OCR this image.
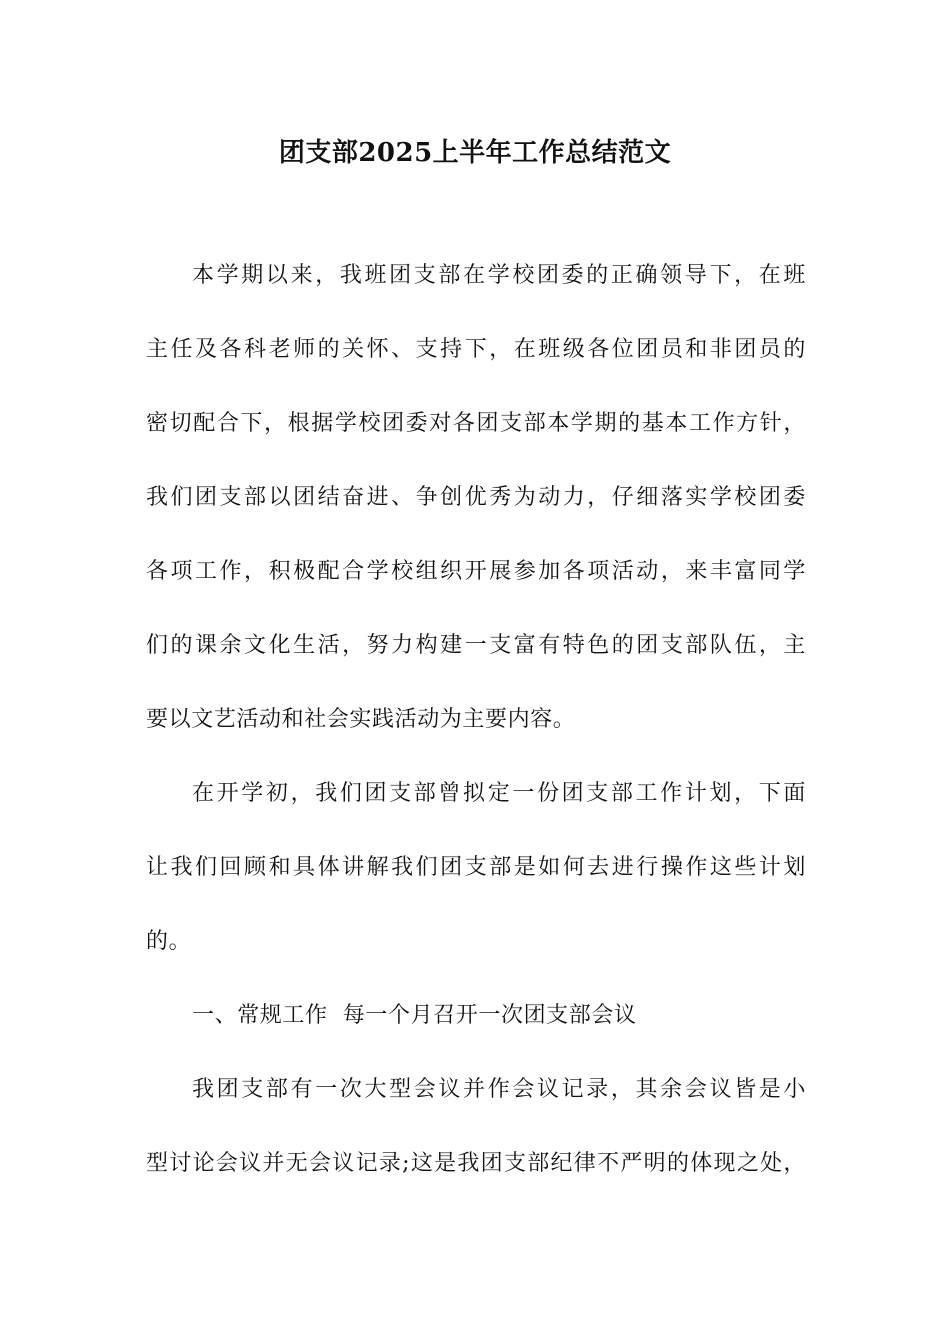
团支部2025上半年工作总结范文
本学期以来，我班团支部在学校团委的正确领导下，在班
主任及各科老师的关怀、支持下，在班级各位团员和非团员的
密切配合下，根据学校团委对各团支部本学期的基本工作方针，
我们团支部以团结奋进、争创优秀为动力，仔细落实学校团委
各项工作，积极配合学校组织开展参加各项活动，来丰富同学
们的课余文化生活，努力构建一支富有特色的团支部队伍，主
要以文艺活动和社会实践活动为主要内容。
在开学初，我们团支部曾拟定一份团支部工作计划，下面
让我们回顾和具体讲解我们团支部是如何去进行操作这些计划
的。
一、常规工作  每一个月召开一次团支部会议
我团支部有一次大型会议并作会议记录，其余会议皆是小
型讨论会议并无会议记录;这是我团支部纪律不严明的体现之处，
